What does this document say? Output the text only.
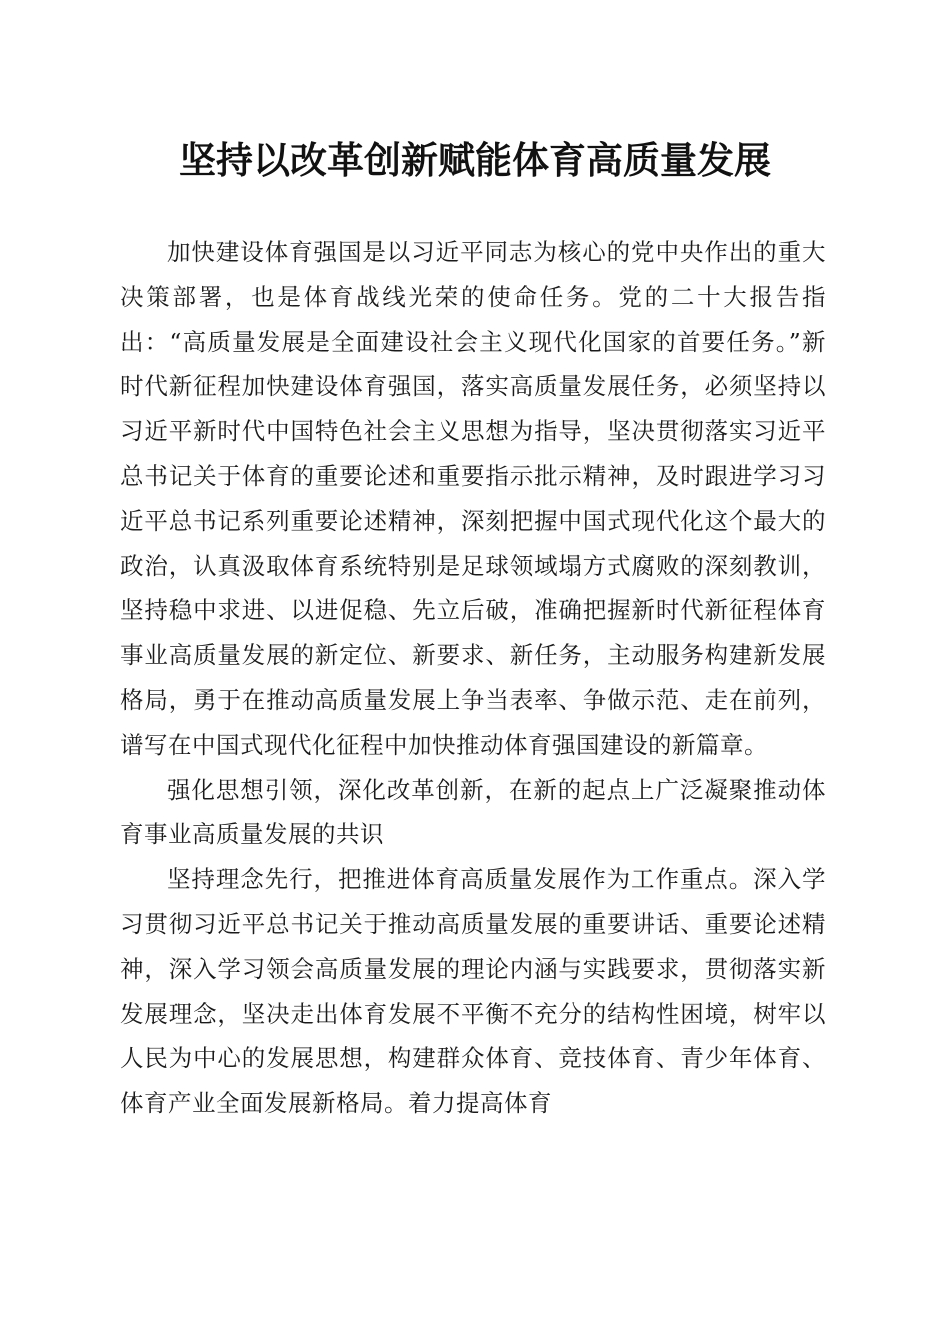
坚持以改革创新赋能体育高质量发展

加快建设体育强国是以习近平同志为核心的党中央作出的重大决策部署，也是体育战线光荣的使命任务。党的二十大报告指出：“高质量发展是全面建设社会主义现代化国家的首要任务。”新时代新征程加快建设体育强国，落实高质量发展任务，必须坚持以习近平新时代中国特色社会主义思想为指导，坚决贯彻落实习近平总书记关于体育的重要论述和重要指示批示精神，及时跟进学习习近平总书记系列重要论述精神，深刻把握中国式现代化这个最大的政治，认真汲取体育系统特别是足球领域塌方式腐败的深刻教训，坚持稳中求进、以进促稳、先立后破，准确把握新时代新征程体育事业高质量发展的新定位、新要求、新任务，主动服务构建新发展格局，勇于在推动高质量发展上争当表率、争做示范、走在前列，谱写在中国式现代化征程中加快推动体育强国建设的新篇章。

强化思想引领，深化改革创新，在新的起点上广泛凝聚推动体育事业高质量发展的共识

坚持理念先行，把推进体育高质量发展作为工作重点。深入学习贯彻习近平总书记关于推动高质量发展的重要讲话、重要论述精神，深入学习领会高质量发展的理论内涵与实践要求，贯彻落实新发展理念，坚决走出体育发展不平衡不充分的结构性困境，树牢以人民为中心的发展思想，构建群众体育、竞技体育、青少年体育、体育产业全面发展新格局。着力提高体育
